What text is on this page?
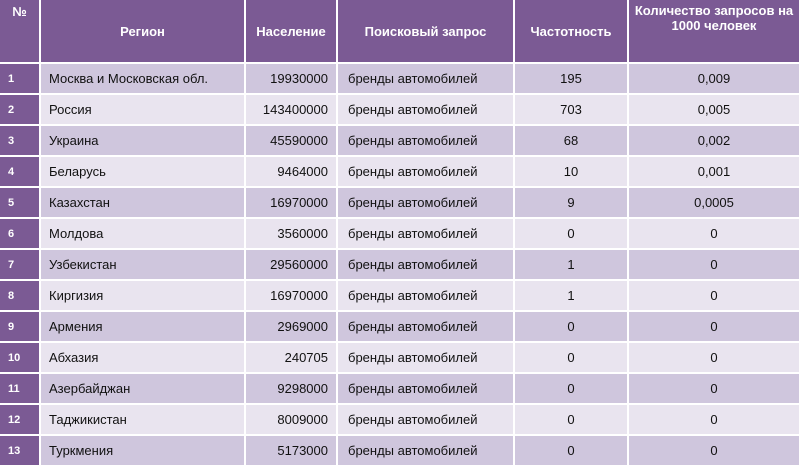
№	Регион	Население	Поисковый запрос	Частотность	Количество запросов на 1000 человек
1	Москва и Московская обл.	19930000	бренды автомобилей	195	0,009
2	Россия	143400000	бренды автомобилей	703	0,005
3	Украина	45590000	бренды автомобилей	68	0,002
4	Беларусь	9464000	бренды автомобилей	10	0,001
5	Казахстан	16970000	бренды автомобилей	9	0,0005
6	Молдова	3560000	бренды автомобилей	0	0
7	Узбекистан	29560000	бренды автомобилей	1	0
8	Киргизия	16970000	бренды автомобилей	1	0
9	Армения	2969000	бренды автомобилей	0	0
10	Абхазия	240705	бренды автомобилей	0	0
11	Азербайджан	9298000	бренды автомобилей	0	0
12	Таджикистан	8009000	бренды автомобилей	0	0
13	Туркмения	5173000	бренды автомобилей	0	0
